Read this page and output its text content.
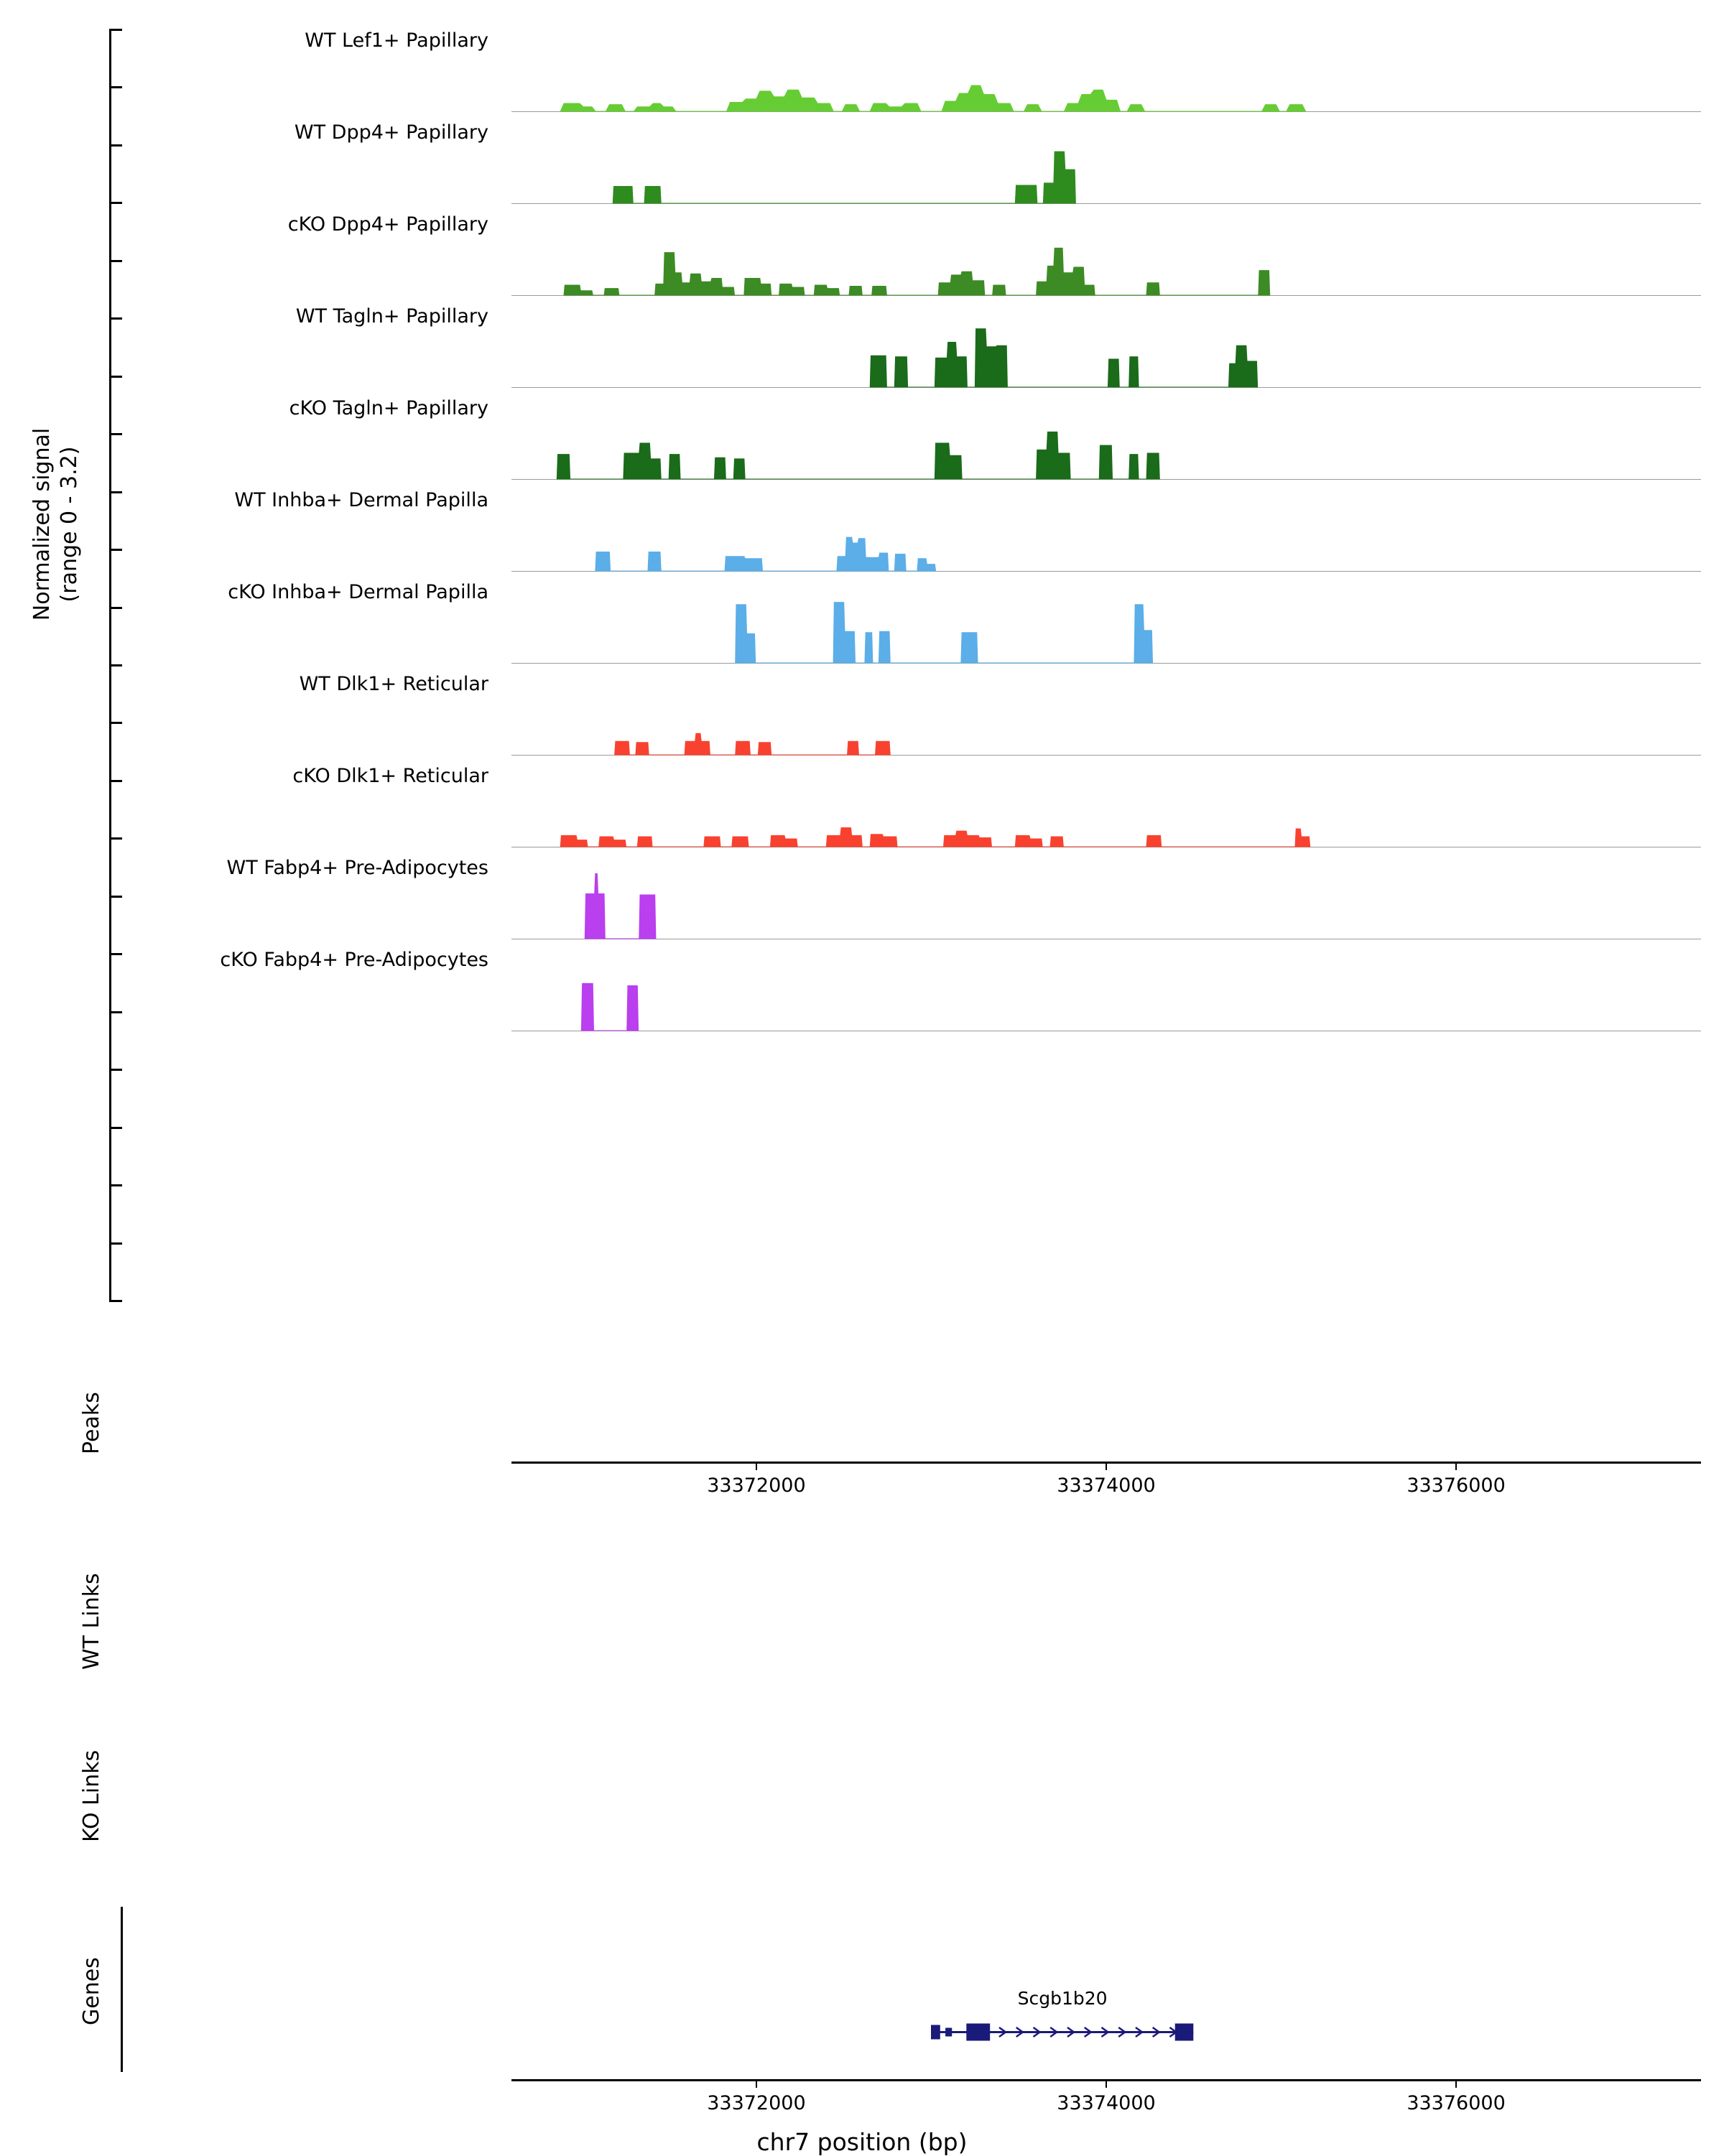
Normalized signal (range 0 - 3.2)
WT Lef1+ Papillary
WT Dpp4+ Papillary
cKO Dpp4+ Papillary
WT Tagln+ Papillary
cKO Tagln+ Papillary
WT Inhba+ Dermal Papilla
cKO Inhba+ Dermal Papilla
WT Dlk1+ Reticular
cKO Dlk1+ Reticular
WT Fabp4+ Pre-Adipocytes
cKO Fabp4+ Pre-Adipocytes
Peaks
WT Links
KO Links
Genes
33372000	33374000	33376000
33372000	33374000	33376000
chr7 position (bp)
Scgb1b20
